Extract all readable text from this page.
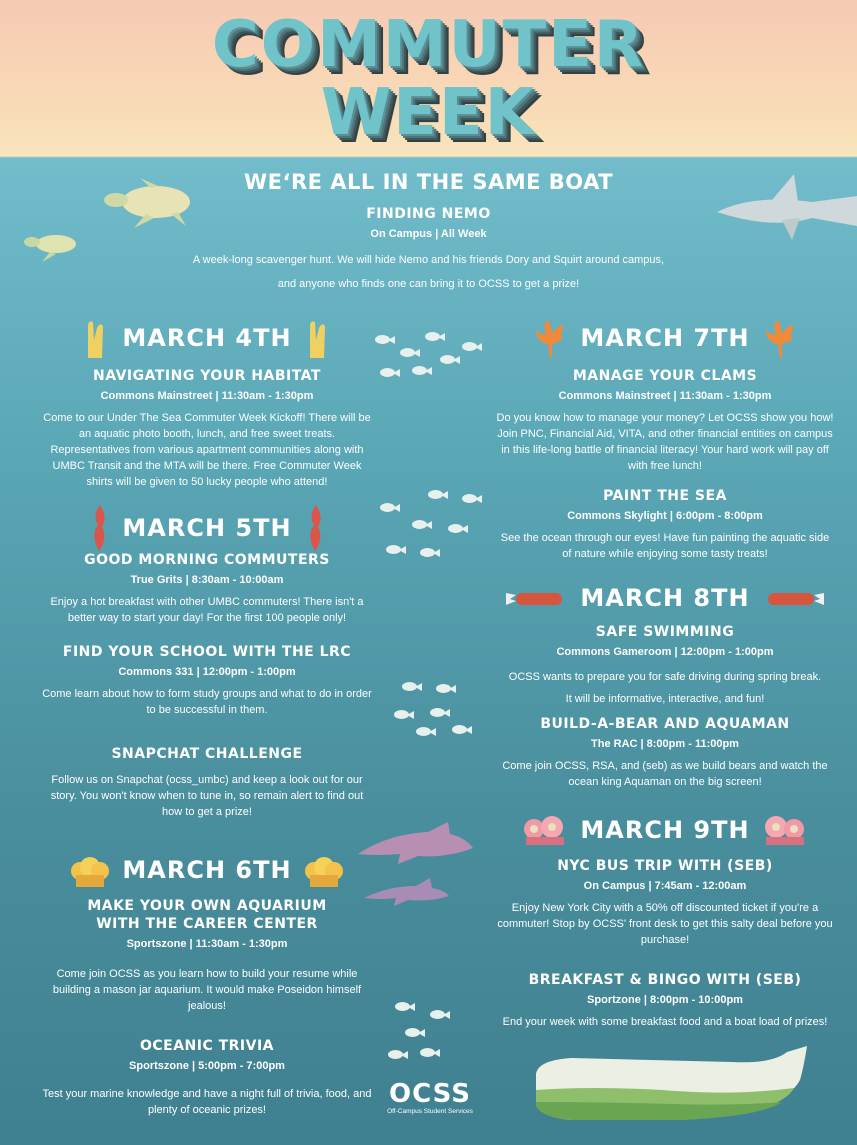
COMMUTER
WEEK
WE‘RE ALL IN THE SAME BOAT
FINDING NEMO
On Campus | All Week

A week-long scavenger hunt. We will hide Nemo and his friends Dory and Squirt around campus,

and anyone who finds one can bring it to OCSS to get a prize!

MARCH 4TH
NAVIGATING YOUR HABITAT
Commons Mainstreet | 11:30am - 1:30pm

Come to our Under The Sea Commuter Week Kickoff! There will be an aquatic photo booth, lunch, and free sweet treats. Representatives from various apartment communities along with UMBC Transit and the MTA will be there. Free Commuter Week shirts will be given to 50 lucky people who attend!

MARCH 5TH
GOOD MORNING COMMUTERS
True Grits | 8:30am - 10:00am

Enjoy a hot breakfast with other UMBC commuters! There isn't a better way to start your day! For the first 100 people only!

FIND YOUR SCHOOL WITH THE LRC
Commons 331 | 12:00pm - 1:00pm

Come learn about how to form study groups and what to do in order to be successful in them.

SNAPCHAT CHALLENGE

Follow us on Snapchat (ocss_umbc) and keep a look out for our story. You won't know when to tune in, so remain alert to find out how to get a prize!

MARCH 6TH
MAKE YOUR OWN AQUARIUM
WITH THE CAREER CENTER
Sportszone | 11:30am - 1:30pm

Come join OCSS as you learn how to build your resume while building a mason jar aquarium. It would make Poseidon himself jealous!

OCEANIC TRIVIA
Sportszone | 5:00pm - 7:00pm

Test your marine knowledge and have a night full of trivia, food, and plenty of oceanic prizes!

MARCH 7TH
MANAGE YOUR CLAMS
Commons Mainstreet | 11:30am - 1:30pm

Do you know how to manage your money? Let OCSS show you how! Join PNC, Financial Aid, VITA, and other financial entities on campus in this life-long battle of financial literacy! Your hard work will pay off with free lunch!

PAINT THE SEA
Commons Skylight | 6:00pm - 8:00pm

See the ocean through our eyes! Have fun painting the aquatic side of nature while enjoying some tasty treats!

MARCH 8TH
SAFE SWIMMING
Commons Gameroom | 12:00pm - 1:00pm

OCSS wants to prepare you for safe driving during spring break.

It will be informative, interactive, and fun!

BUILD-A-BEAR AND AQUAMAN
The RAC | 8:00pm - 11:00pm

Come join OCSS, RSA, and (seb) as we build bears and watch the ocean king Aquaman on the big screen!

MARCH 9TH
NYC BUS TRIP WITH (SEB)
On Campus | 7:45am - 12:00am

Enjoy New York City with a 50% off discounted ticket if you're a commuter! Stop by OCSS' front desk to get this salty deal before you purchase!

BREAKFAST & BINGO WITH (SEB)
Sportzone | 8:00pm - 10:00pm

End your week with some breakfast food and a boat load of prizes!

OCSS
Off-Campus Student Services
